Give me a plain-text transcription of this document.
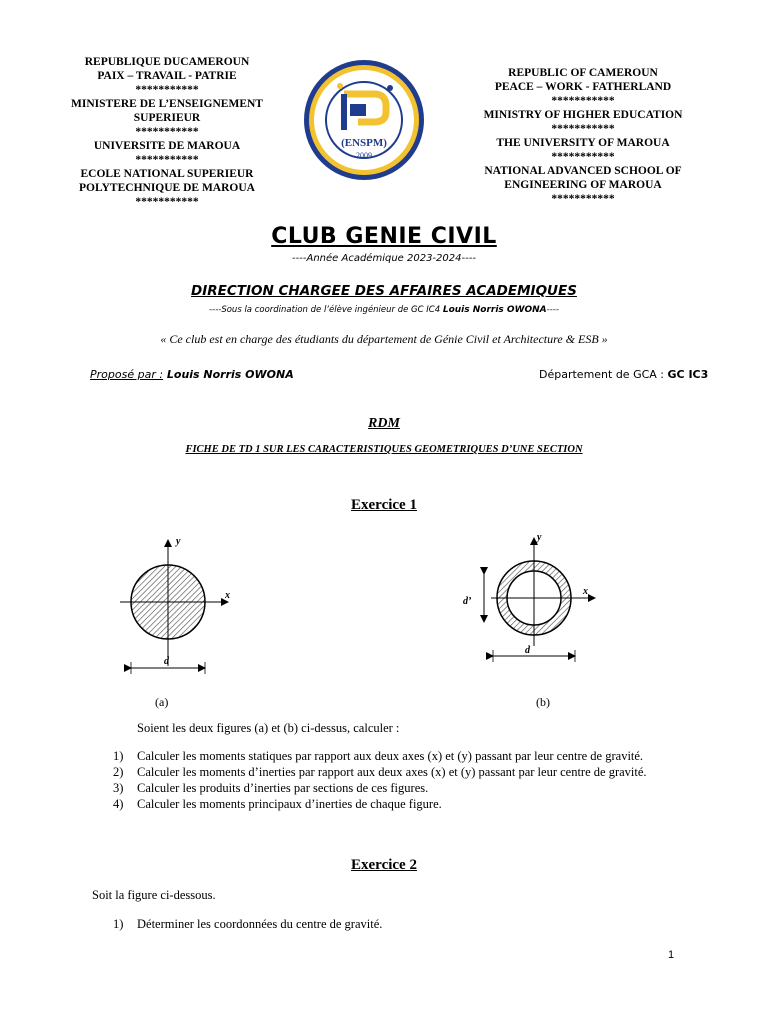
REPUBLIQUE DUCAMEROUN
PAIX – TRAVAIL - PATRIE
***********
MINISTERE DE L’ENSEIGNEMENT
SUPERIEUR
***********
UNIVERSITE DE MAROUA
***********
ECOLE NATIONAL SUPERIEUR
POLYTECHNIQUE DE MAROUA
***********
(ENSPM)
2009
REPUBLIC OF CAMEROUN
PEACE – WORK - FATHERLAND
***********
MINISTRY OF HIGHER EDUCATION
***********
THE UNIVERSITY OF MAROUA
***********
NATIONAL ADVANCED SCHOOL OF
ENGINEERING OF MAROUA
***********
CLUB GENIE CIVIL
----Année Académique 2023-2024----
DIRECTION CHARGEE DES AFFAIRES ACADEMIQUES
----Sous la coordination de l’élève ingénieur de GC IC4 Louis Norris OWONA----
« Ce club est en charge des étudiants du département de Génie Civil et Architecture & ESB »
Proposé par : Louis Norris OWONA	Département de GCA : GC IC3
RDM
FICHE DE TD 1 SUR LES CARACTERISTIQUES GEOMETRIQUES D’UNE SECTION
Exercice 1
y
x
d
(a)
y
x
d’
d
(b)
Soient les deux figures (a) et (b) ci-dessus, calculer :
1) Calculer les moments statiques par rapport aux deux axes (x) et (y) passant par leur centre de gravité.
2) Calculer les moments d’inerties par rapport aux deux axes (x) et (y) passant par leur centre de gravité.
3) Calculer les produits d’inerties par sections de ces figures.
4) Calculer les moments principaux d’inerties de chaque figure.
Exercice 2
Soit la figure ci-dessous.
1) Déterminer les coordonnées du centre de gravité.
1
